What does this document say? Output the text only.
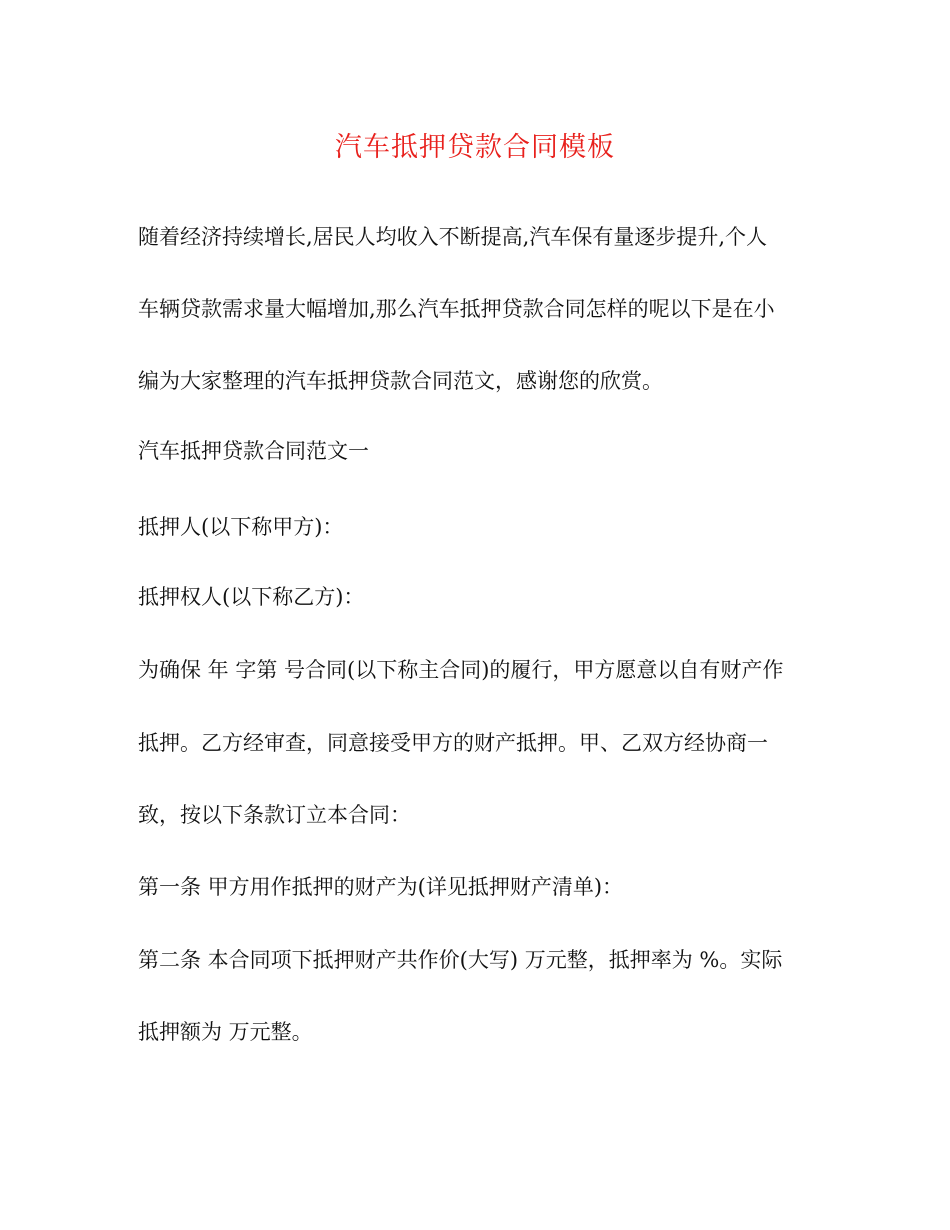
汽车抵押贷款合同模板
随着经济持续增长,居民人均收入不断提高,汽车保有量逐步提升,个人
车辆贷款需求量大幅增加,那么汽车抵押贷款合同怎样的呢以下是在小
编为大家整理的汽车抵押贷款合同范文，感谢您的欣赏。
汽车抵押贷款合同范文一
抵押人(以下称甲方)：
抵押权人(以下称乙方)：
为确保 年 字第 号合同(以下称主合同)的履行，甲方愿意以自有财产作
抵押。乙方经审查，同意接受甲方的财产抵押。甲、乙双方经协商一
致，按以下条款订立本合同：
第一条 甲方用作抵押的财产为(详见抵押财产清单)：
第二条 本合同项下抵押财产共作价(大写) 万元整，抵押率为 %。实际
抵押额为 万元整。
